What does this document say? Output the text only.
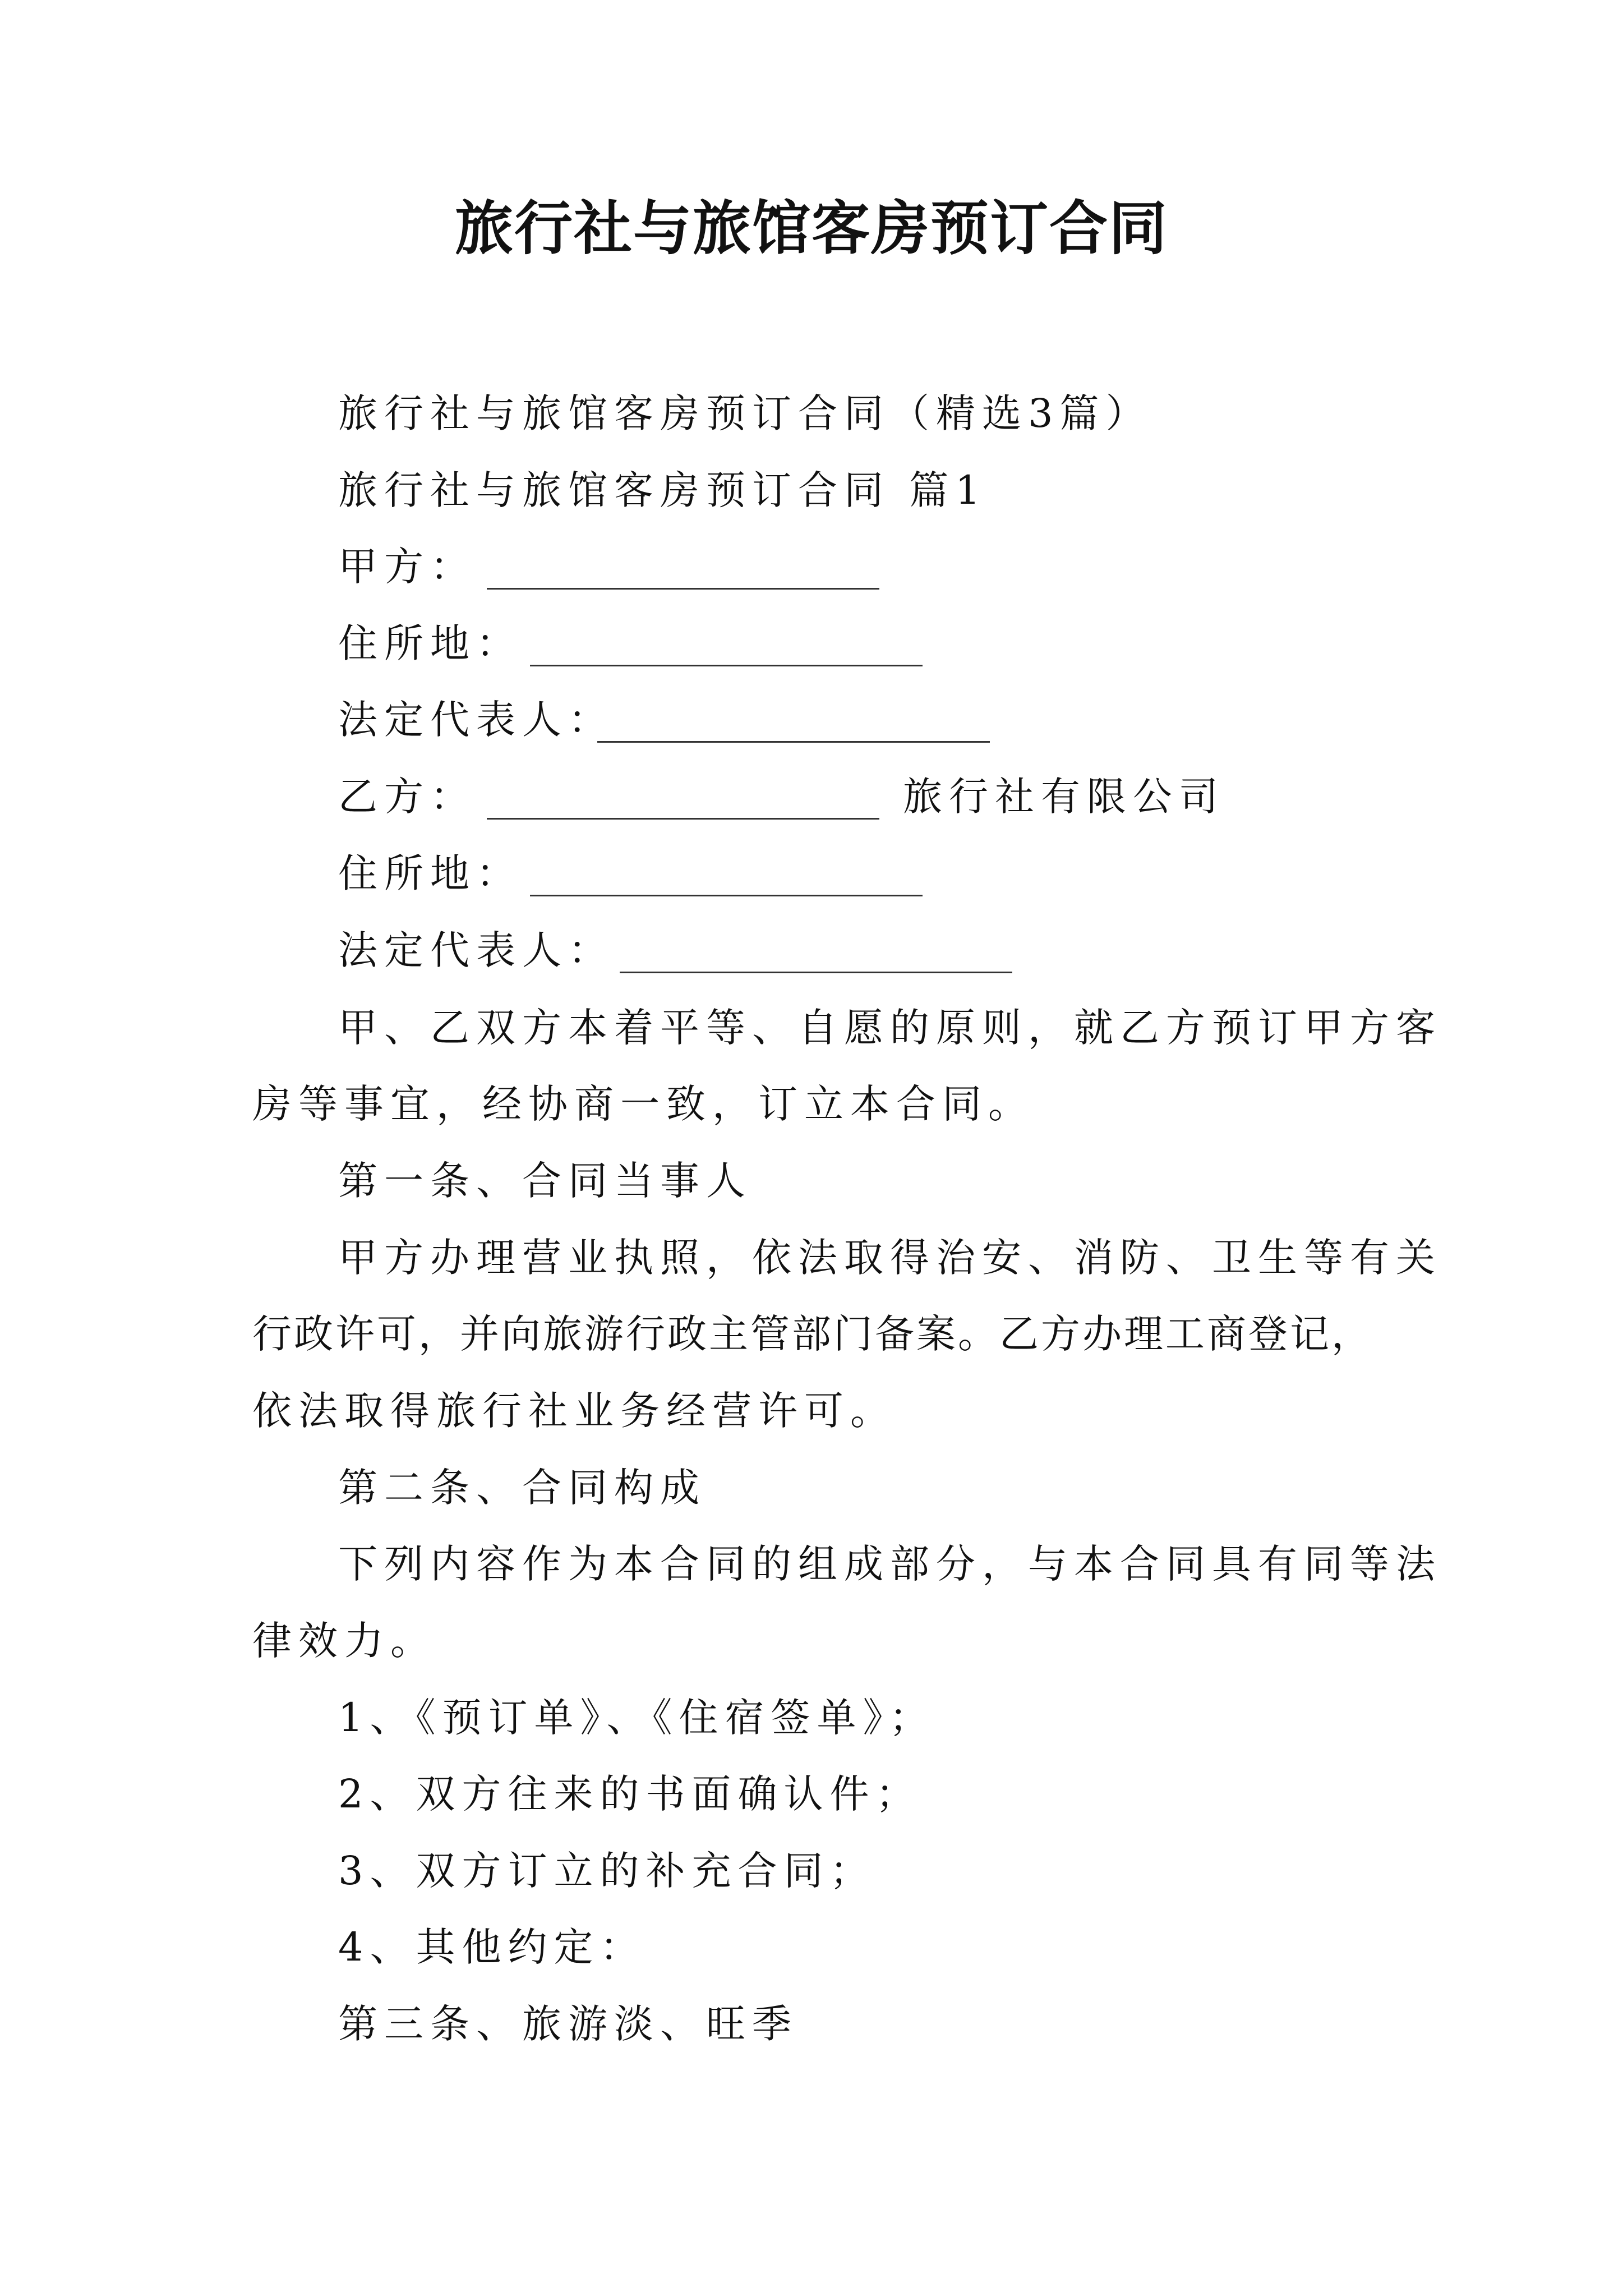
旅行社与旅馆客房预订合同
旅行社与旅馆客房预订合同（精选3篇）
旅行社与旅馆客房预订合同 篇1
甲方：
住所地：
法定代表人：
乙方：	旅行社有限公司
住所地：
法定代表人：
甲、乙双方本着平等、自愿的原则，就乙方预订甲方客
房等事宜，经协商一致，订立本合同。
第一条、合同当事人
甲方办理营业执照，依法取得治安、消防、卫生等有关
行政许可，并向旅游行政主管部门备案。乙方办理工商登记，
依法取得旅行社业务经营许可。
第二条、合同构成
下列内容作为本合同的组成部分，与本合同具有同等法
律效力。
1、《预订单》、《住宿签单》；
2、双方往来的书面确认件；
3、双方订立的补充合同；
4、其他约定：
第三条、旅游淡、旺季
